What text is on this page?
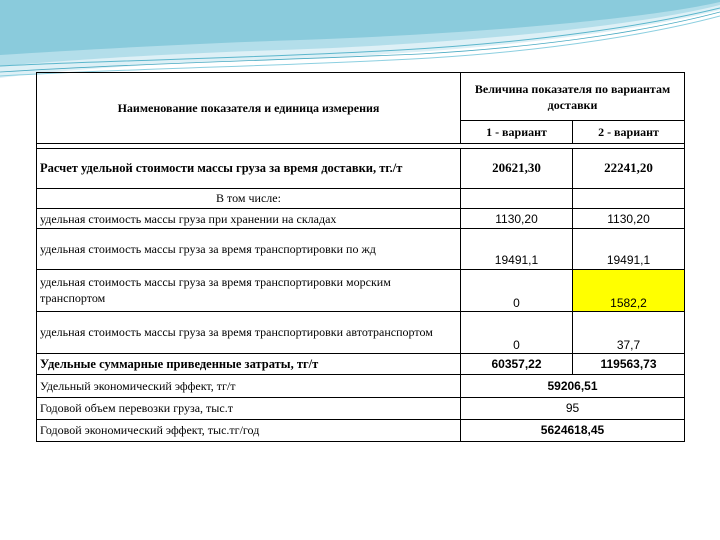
Наименование показателя и единица измерения	Величина показателя по вариантам доставки	
	1 - вариант	2 - вариант

Расчет удельной стоимости массы груза за время доставки, тг./т	20621,30	22241,20
В том числе:		
удельная стоимость массы груза при хранении на складах	1130,20	1130,20
удельная стоимость массы груза за время транспортировки по жд	19491,1	19491,1
удельная стоимость массы груза за время транспортировки морским транспортом	0	1582,2
удельная стоимость массы груза за время транспортировки автотранспортом	0	37,7
Удельные суммарные приведенные затраты, тг/т	60357,22	119563,73
Удельный экономический эффект, тг/т	59206,51	
Годовой объем перевозки груза, тыс.т	95	
Годовой экономический эффект, тыс.тг/год	5624618,45	
